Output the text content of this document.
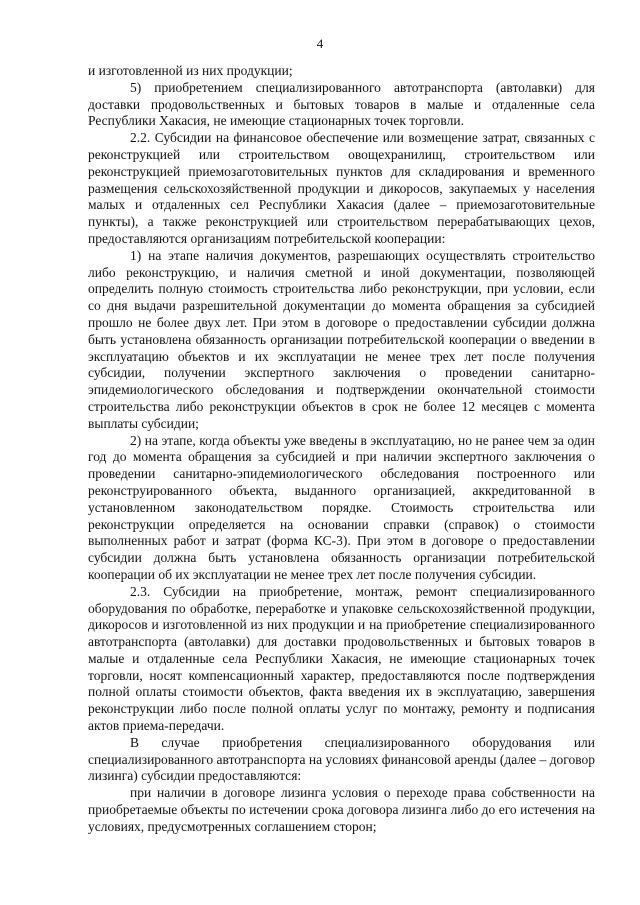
4

и изготовленной из них продукции;

5) приобретением специализированного автотранспорта (автолавки) для доставки продовольственных и бытовых товаров в малые и отдаленные села Республики Хакасия, не имеющие стационарных точек торговли.

2.2. Субсидии на финансовое обеспечение или возмещение затрат, связанных с реконструкцией или строительством овощехранилищ, строительством или реконструкцией приемозаготовительных пунктов для складирования и временного размещения сельскохозяйственной продукции и дикоросов, закупаемых у населения малых и отдаленных сел Республики Хакасия (далее – приемозаготовительные пункты), а также реконструкцией или строительством перерабатывающих цехов, предоставляются организациям потребительской кооперации:

1) на этапе наличия документов, разрешающих осуществлять строительство либо реконструкцию, и наличия сметной и иной документации, позволяющей определить полную стоимость строительства либо реконструкции, при условии, если со дня выдачи разрешительной документации до момента обращения за субсидией прошло не более двух лет. При этом в договоре о предоставлении субсидии должна быть установлена обязанность организации потребительской кооперации о введении в эксплуатацию объектов и их эксплуатации не менее трех лет после получения субсидии, получении экспертного заключения о проведении санитарно-эпидемиологического обследования и подтверждении окончательной стоимости строительства либо реконструкции объектов в срок не более 12 месяцев с момента выплаты субсидии;

2) на этапе, когда объекты уже введены в эксплуатацию, но не ранее чем за один год до момента обращения за субсидией и при наличии экспертного заключения о проведении санитарно-эпидемиологического обследования построенного или реконструированного объекта, выданного организацией, аккредитованной в установленном законодательством порядке. Стоимость строительства или реконструкции определяется на основании справки (справок) о стоимости выполненных работ и затрат (форма КС-3). При этом в договоре о предоставлении субсидии должна быть установлена обязанность организации потребительской кооперации об их эксплуатации не менее трех лет после получения субсидии.

2.3. Субсидии на приобретение, монтаж, ремонт специализированного оборудования по обработке, переработке и упаковке сельскохозяйственной продукции, дикоросов и изготовленной из них продукции и на приобретение специализированного автотранспорта (автолавки) для доставки продовольственных и бытовых товаров в малые и отдаленные села Республики Хакасия, не имеющие стационарных точек торговли, носят компенсационный характер, предоставляются после подтверждения полной оплаты стоимости объектов, факта введения их в эксплуатацию, завершения реконструкции либо после полной оплаты услуг по монтажу, ремонту и подписания актов приема-передачи.

В случае приобретения специализированного оборудования или специализированного автотранспорта на условиях финансовой аренды (далее – договор лизинга) субсидии предоставляются:

при наличии в договоре лизинга условия о переходе права собственности на приобретаемые объекты по истечении срока договора лизинга либо до его истечения на условиях, предусмотренных соглашением сторон;
